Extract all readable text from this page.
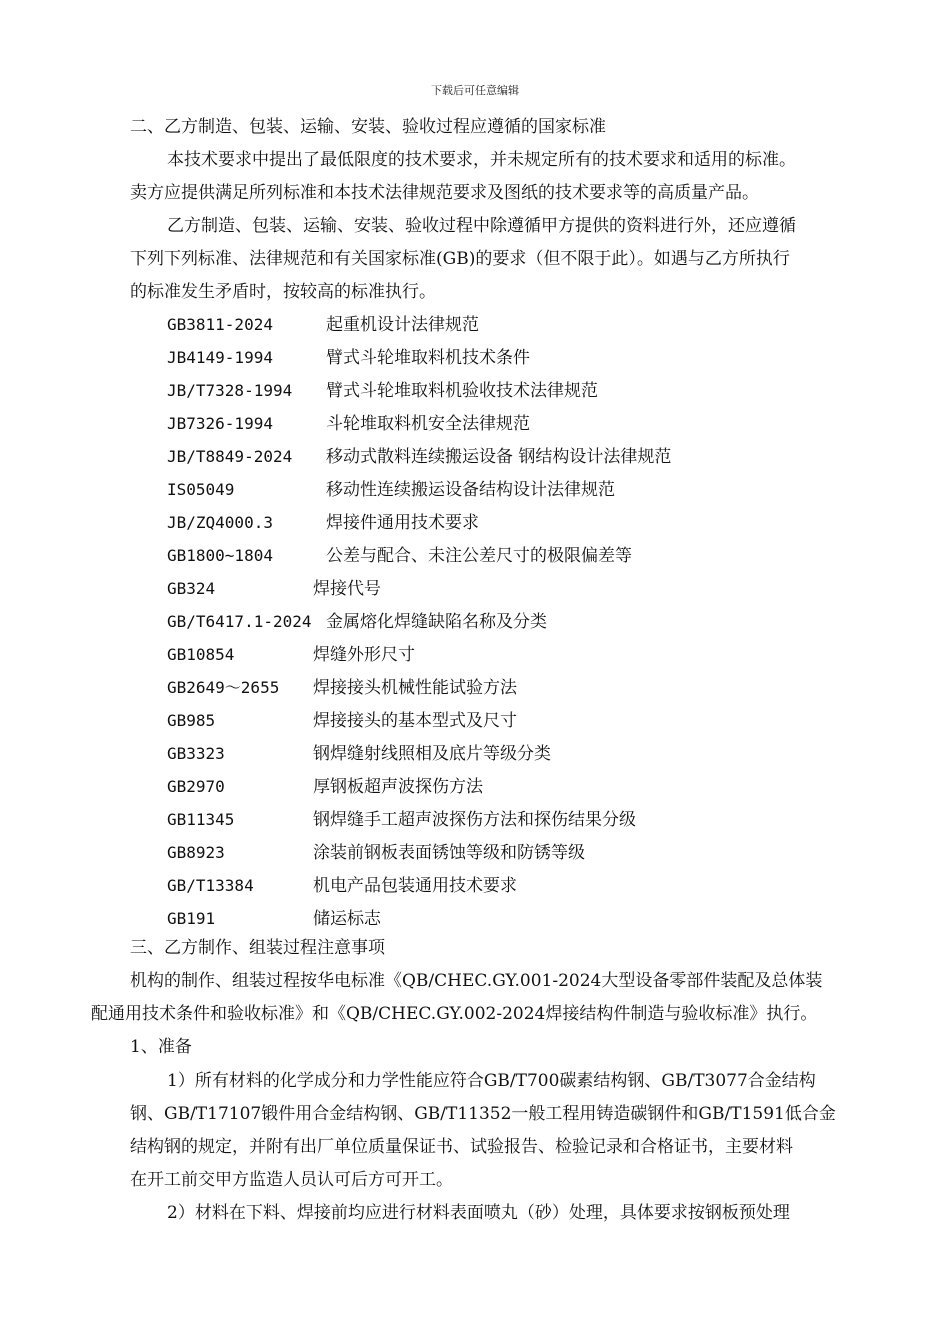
下载后可任意编辑
二、乙方制造、包装、运输、安装、验收过程应遵循的国家标准
本技术要求中提出了最低限度的技术要求，并未规定所有的技术要求和适用的标准。
卖方应提供满足所列标准和本技术法律规范要求及图纸的技术要求等的高质量产品。
乙方制造、包装、运输、安装、验收过程中除遵循甲方提供的资料进行外，还应遵循
下列下列标准、法律规范和有关国家标准(GB)的要求（但不限于此）。如遇与乙方所执行
的标准发生矛盾时，按较高的标准执行。
GB3811-2024	起重机设计法律规范
JB4149-1994	臂式斗轮堆取料机技术条件
JB/T7328-1994 臂式斗轮堆取料机验收技术法律规范
JB7326-1994	斗轮堆取料机安全法律规范
JB/T8849-2024 移动式散料连续搬运设备 钢结构设计法律规范
IS05049	移动性连续搬运设备结构设计法律规范
JB/ZQ4000.3	焊接件通用技术要求
GB1800~1804	公差与配合、未注公差尺寸的极限偏差等
GB324	焊接代号
GB/T6417.1-2024 金属熔化焊缝缺陷名称及分类
GB10854	焊缝外形尺寸
GB2649～2655 焊接接头机械性能试验方法
GB985	焊接接头的基本型式及尺寸
GB3323	钢焊缝射线照相及底片等级分类
GB2970	厚钢板超声波探伤方法
GB11345	钢焊缝手工超声波探伤方法和探伤结果分级
GB8923	涂装前钢板表面锈蚀等级和防锈等级
GB/T13384	机电产品包装通用技术要求
GB191	储运标志
三、乙方制作、组装过程注意事项
机构的制作、组装过程按华电标准《QB/CHEC.GY.001-2024大型设备零部件装配及总体装
配通用技术条件和验收标准》和《QB/CHEC.GY.002-2024焊接结构件制造与验收标准》执行。
1、准备
1）所有材料的化学成分和力学性能应符合GB/T700碳素结构钢、GB/T3077合金结构
钢、GB/T17107锻件用合金结构钢、GB/T11352一般工程用铸造碳钢件和GB/T1591低合金
结构钢的规定，并附有出厂单位质量保证书、试验报告、检验记录和合格证书，主要材料
在开工前交甲方监造人员认可后方可开工。
2）材料在下料、焊接前均应进行材料表面喷丸（砂）处理，具体要求按钢板预处理
